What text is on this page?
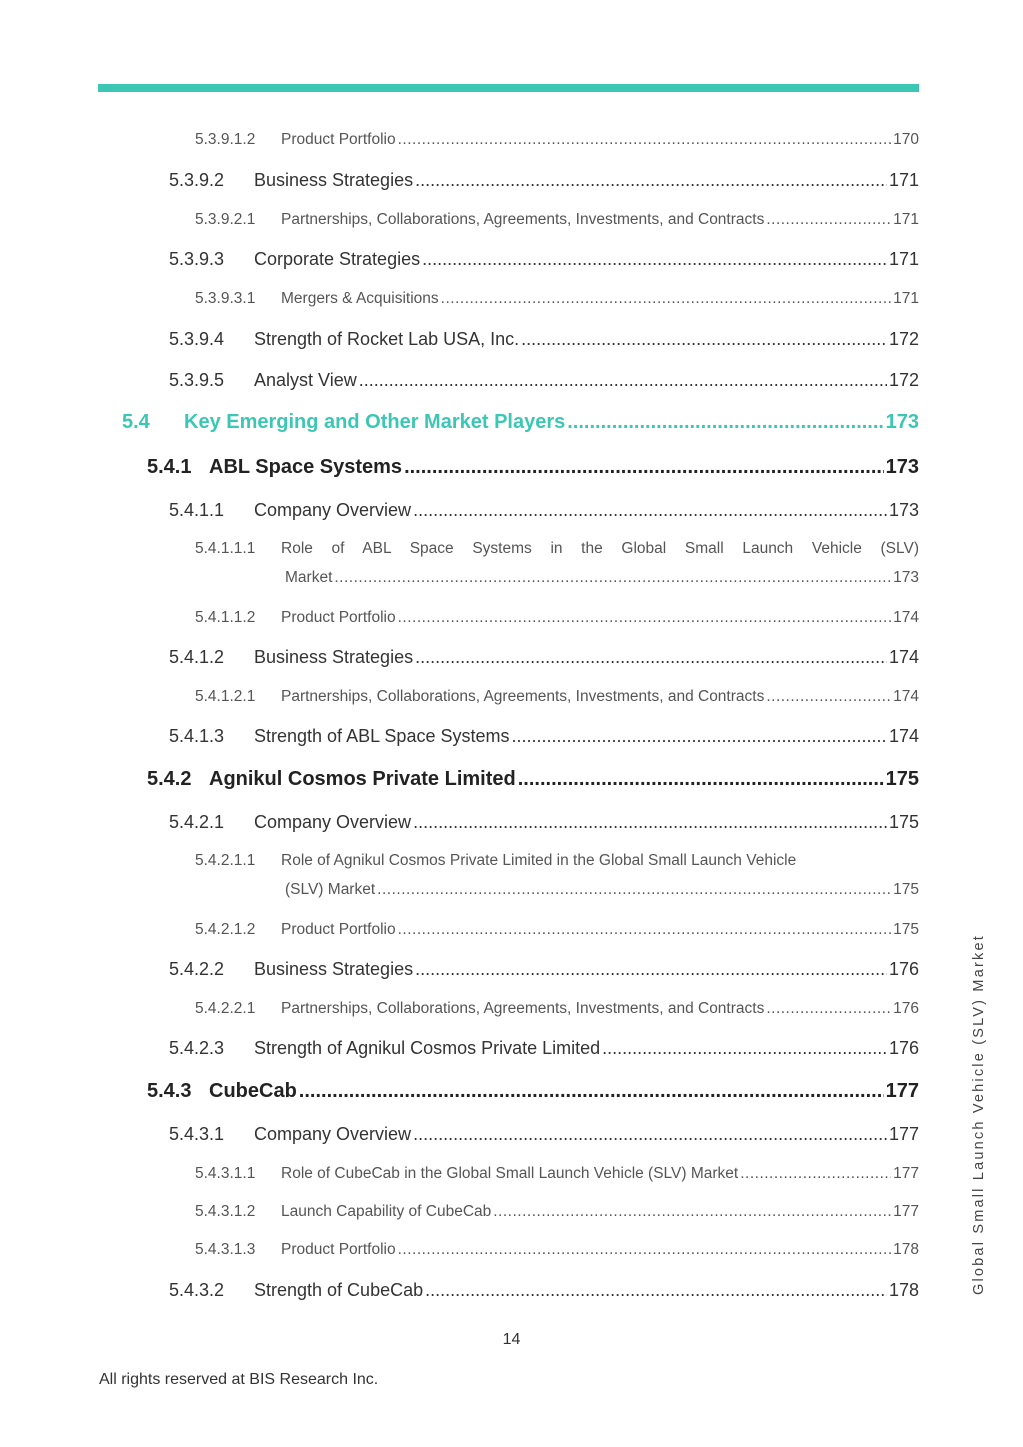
5.3.9.1.2	Product Portfolio .....	170
5.3.9.2	Business Strategies .....	171
5.3.9.2.1	Partnerships, Collaborations, Agreements, Investments, and Contracts .....	171
5.3.9.3	Corporate Strategies .....	171
5.3.9.3.1	Mergers & Acquisitions .....	171
5.3.9.4	Strength of Rocket Lab USA, Inc. .....	172
5.3.9.5	Analyst View .....	172
5.4	Key Emerging and Other Market Players .....	173
5.4.1 ABL Space Systems .....	173
5.4.1.1	Company Overview .....	173
5.4.1.1.1	Role of ABL Space Systems in the Global Small Launch Vehicle (SLV)
Market .....	173
5.4.1.1.2	Product Portfolio .....	174
5.4.1.2	Business Strategies .....	174
5.4.1.2.1	Partnerships, Collaborations, Agreements, Investments, and Contracts .....	174
5.4.1.3	Strength of ABL Space Systems .....	174
5.4.2 Agnikul Cosmos Private Limited .....	175
5.4.2.1	Company Overview .....	175
5.4.2.1.1	Role of Agnikul Cosmos Private Limited in the Global Small Launch Vehicle
(SLV) Market .....	175
5.4.2.1.2	Product Portfolio .....	175
5.4.2.2	Business Strategies .....	176
5.4.2.2.1	Partnerships, Collaborations, Agreements, Investments, and Contracts .....	176
5.4.2.3	Strength of Agnikul Cosmos Private Limited .....	176
5.4.3 CubeCab .....	177
5.4.3.1	Company Overview .....	177
5.4.3.1.1	Role of CubeCab in the Global Small Launch Vehicle (SLV) Market .....	177
5.4.3.1.2	Launch Capability of CubeCab .....	177
5.4.3.1.3	Product Portfolio .....	178
5.4.3.2	Strength of CubeCab .....	178
14
All rights reserved at BIS Research Inc.
Global Small Launch Vehicle (SLV) Market
